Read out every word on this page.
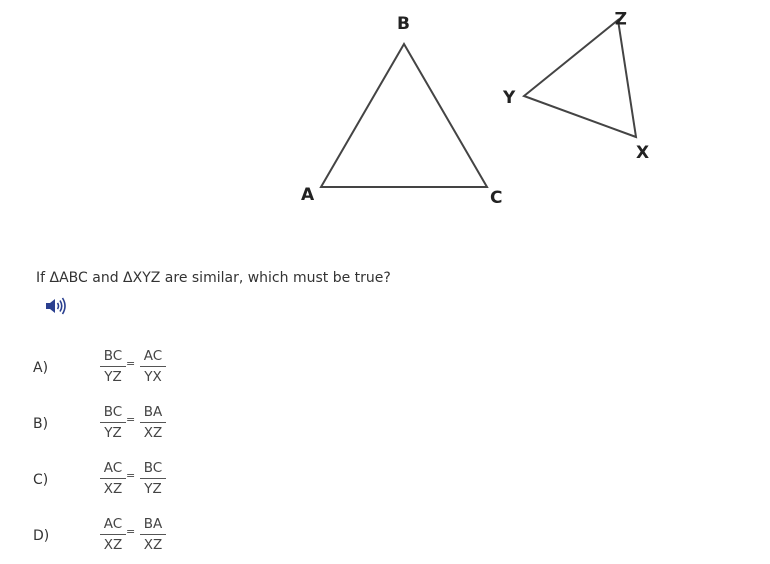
A
B
C
Y
X
Z
If ΔABC and ΔXYZ are similar, which must be true?
A)
BC
YZ
= AC
YX
B)
BC
YZ
= BA
XZ
C)
AC
XZ
= BC
YZ
D)
AC
XZ
= BA
XZ
